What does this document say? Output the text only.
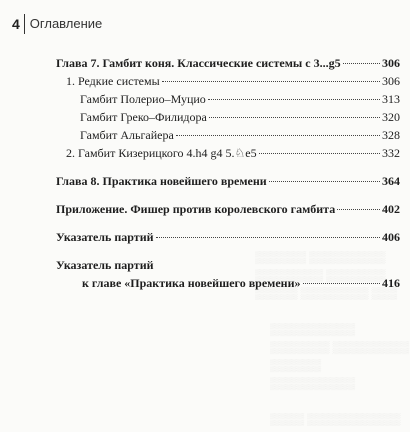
▒▒▒▒▒▒ ▒▒▒▒▒▒▒▒▒
▒▒▒▒▒▒▒▒ ▒▒▒▒▒▒▒
▒▒▒▒▒ ▒▒▒▒▒▒▒▒ ▒▒▒
▒▒▒▒▒▒▒▒▒▒
▒▒▒▒▒▒▒ ▒▒▒▒▒▒▒▒▒
▒▒▒▒▒▒
▒▒▒▒▒▒▒▒▒▒

▒▒▒▒ ▒▒▒▒▒▒▒▒▒▒▒
4 Оглавление
Глава 7. Гамбит коня. Классические системы с 3...g5	306
1. Редкие системы	306
Гамбит Полерио–Муцио	313
Гамбит Греко–Филидора	320
Гамбит Альгайера	328
2. Гамбит Кизерицкого 4.h4 g4 5.♘e5	332
Глава 8. Практика новейшего времени	364
Приложение. Фишер против королевского гамбита	402
Указатель партий	406
Указатель партий
к главе «Практика новейшего времени»	416
